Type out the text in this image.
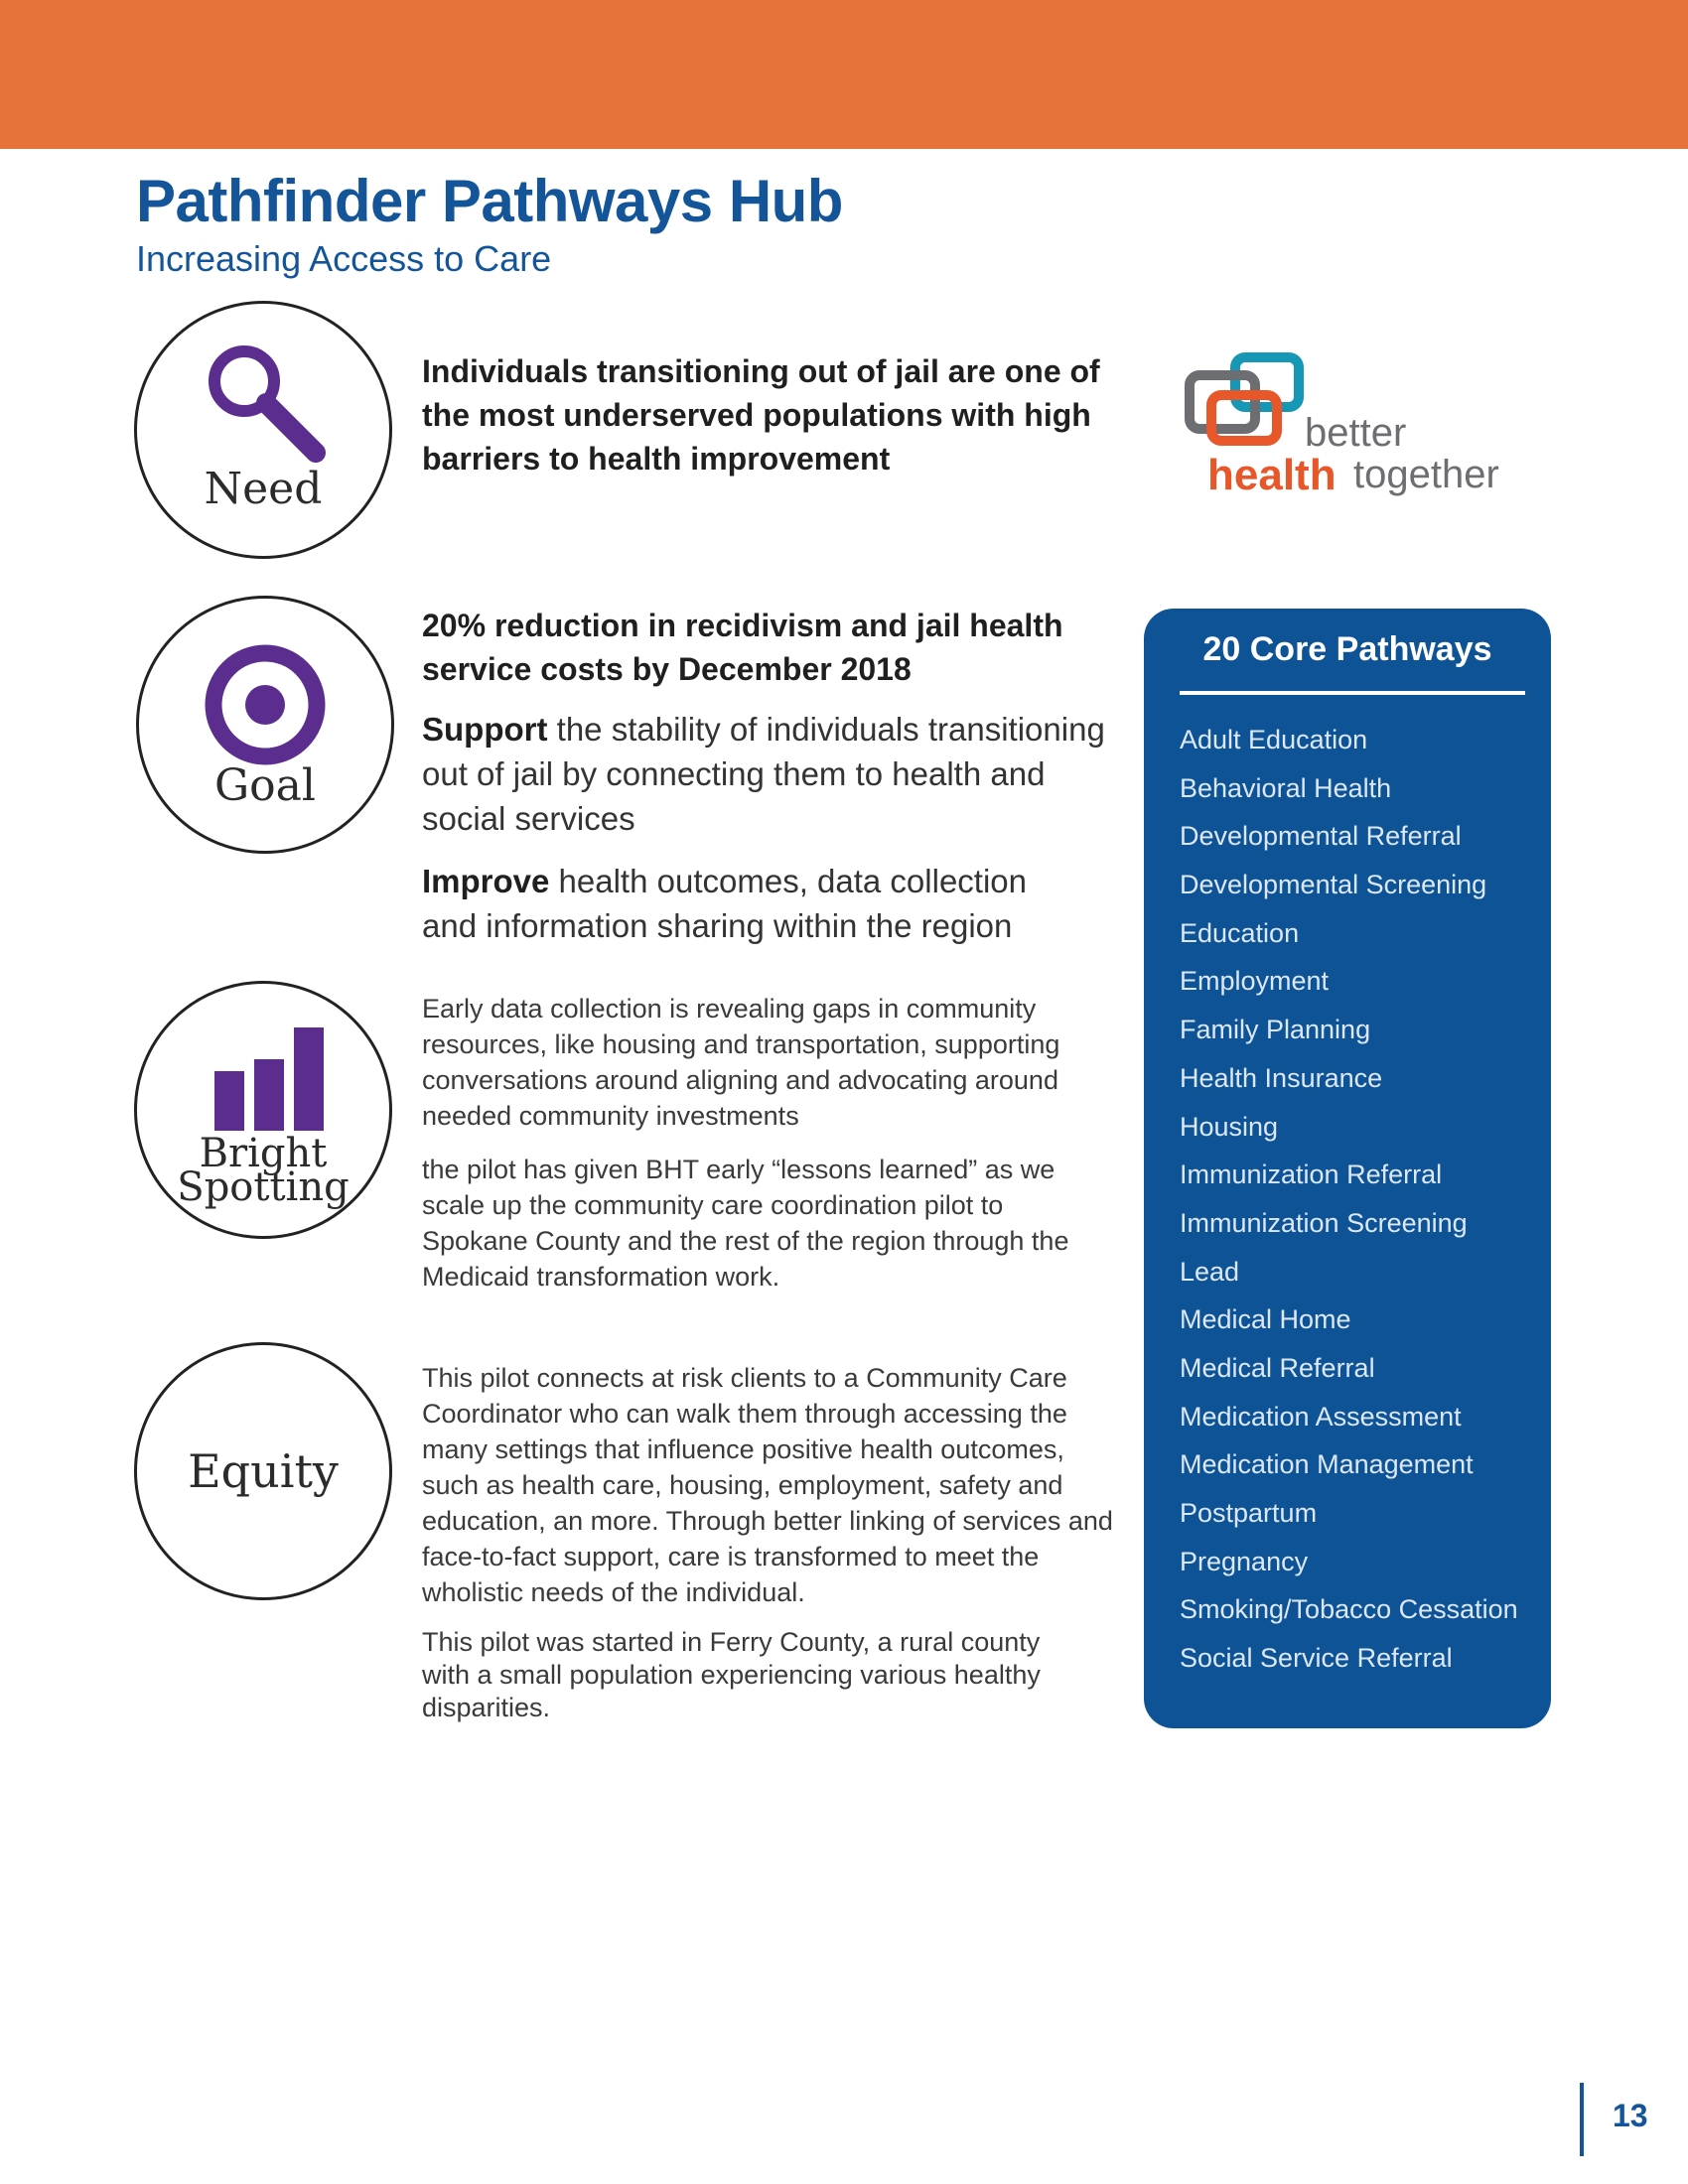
Pathfinder Pathways Hub
Increasing Access to Care
Need

Individuals transitioning out of jail are one of the most underserved populations with high barriers to health improvement

better
health together
Goal

20% reduction in recidivism and jail health service costs by December 2018

Support the stability of individuals transitioning out of jail by connecting them to health and social services

Improve health outcomes, data collection and information sharing within the region

Bright
Spotting

Early data collection is revealing gaps in community resources, like housing and transportation, supporting conversations around aligning and advocating around needed community investments

the pilot has given BHT early “lessons learned” as we scale up the community care coordination pilot to Spokane County and the rest of the region through the Medicaid transformation work.

Equity

This pilot connects at risk clients to a Community Care Coordinator who can walk them through accessing the many settings that influence positive health outcomes, such as health care, housing, employment, safety and education, an more. Through better linking of services and face-to-fact support, care is transformed to meet the wholistic needs of the individual.

This pilot was started in Ferry County, a rural county with a small population experiencing various healthy disparities.

20 Core Pathways
Adult Education
Behavioral Health
Developmental Referral
Developmental Screening
Education
Employment
Family Planning
Health Insurance
Housing
Immunization Referral
Immunization Screening
Lead
Medical Home
Medical Referral
Medication Assessment
Medication Management
Postpartum
Pregnancy
Smoking/Tobacco Cessation
Social Service Referral
13
